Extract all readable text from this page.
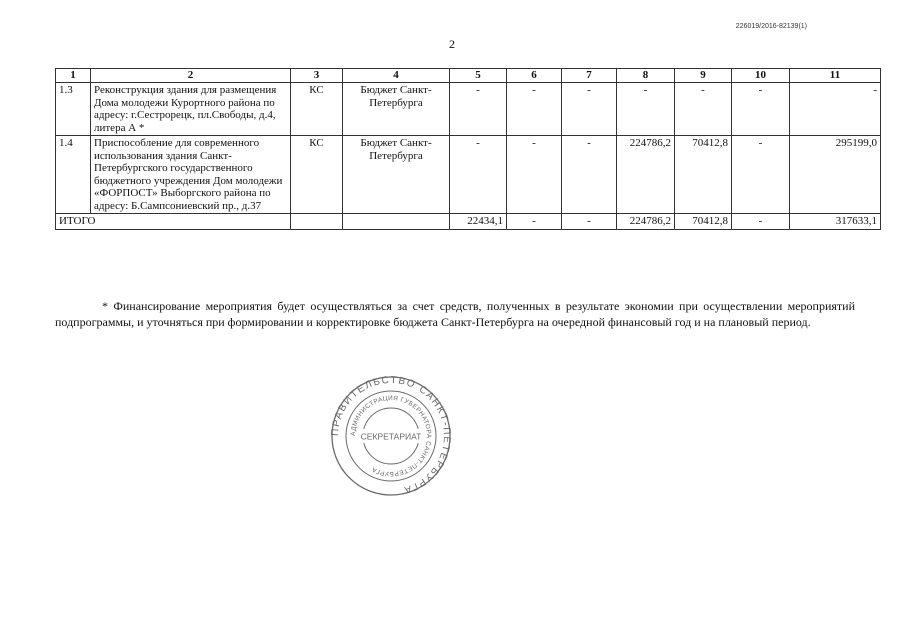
226019/2016-82139(1)
2
1	2	3	4	5	6	7	8	9	10	11
1.3	Реконструкция здания для размещения Дома молодежи Курортного района по адресу: г.Сестрорецк, пл.Свободы, д.4, литера А *	КС	Бюджет Санкт-Петербурга	-	-	-	-	-	-	-
1.4	Приспособление для современного использования здания Санкт-Петербургского государственного бюджетного учреждения Дом молодежи «ФОРПОСТ» Выборгского района по адресу: Б.Сампсониевский пр., д.37	КС	Бюджет Санкт-Петербурга	-	-	-	224786,2	70412,8	-	295199,0
ИТОГО				22434,1	-	-	224786,2	70412,8	-	317633,1
* Финансирование мероприятия будет осуществляться за счет средств, полученных в результате экономии при осуществлении мероприятий подпрограммы, и уточняться при формировании и корректировке бюджета Санкт-Петербурга на очередной финансовый год и на плановый период.
ПРАВИТЕЛЬСТВО САНКТ-ПЕТЕРБУРГА
АДМИНИСТРАЦИЯ ГУБЕРНАТОРА САНКТ-ПЕТЕРБУРГА
СЕКРЕТАРИАТ
